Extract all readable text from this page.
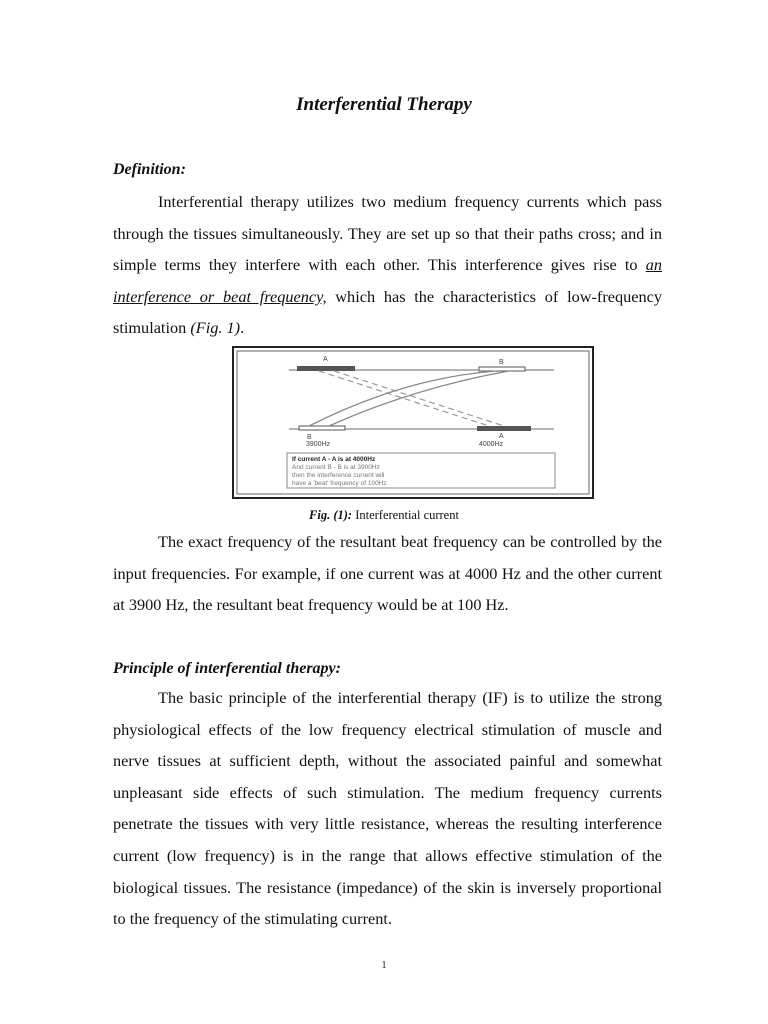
Interferential Therapy
Definition:

Interferential therapy utilizes two medium frequency currents which pass through the tissues simultaneously. They are set up so that their paths cross; and in simple terms they interfere with each other. This interference gives rise to an interference or beat frequency, which has the characteristics of low-frequency stimulation (Fig. 1).

A	B
B	A
3900Hz	4000Hz
If current A - A is at 4000Hz
And current B - B is at 3900Hz
then the interference current will
have a 'beat' frequency of 100Hz
Fig. (1): Interferential current

The exact frequency of the resultant beat frequency can be controlled by the input frequencies. For example, if one current was at 4000 Hz and the other current at 3900 Hz, the resultant beat frequency would be at 100 Hz.

Principle of interferential therapy:

The basic principle of the interferential therapy (IF) is to utilize the strong physiological effects of the low frequency electrical stimulation of muscle and nerve tissues at sufficient depth, without the associated painful and somewhat unpleasant side effects of such stimulation. The medium frequency currents penetrate the tissues with very little resistance, whereas the resulting interference current (low frequency) is in the range that allows effective stimulation of the biological tissues. The resistance (impedance) of the skin is inversely proportional to the frequency of the stimulating current.

1
